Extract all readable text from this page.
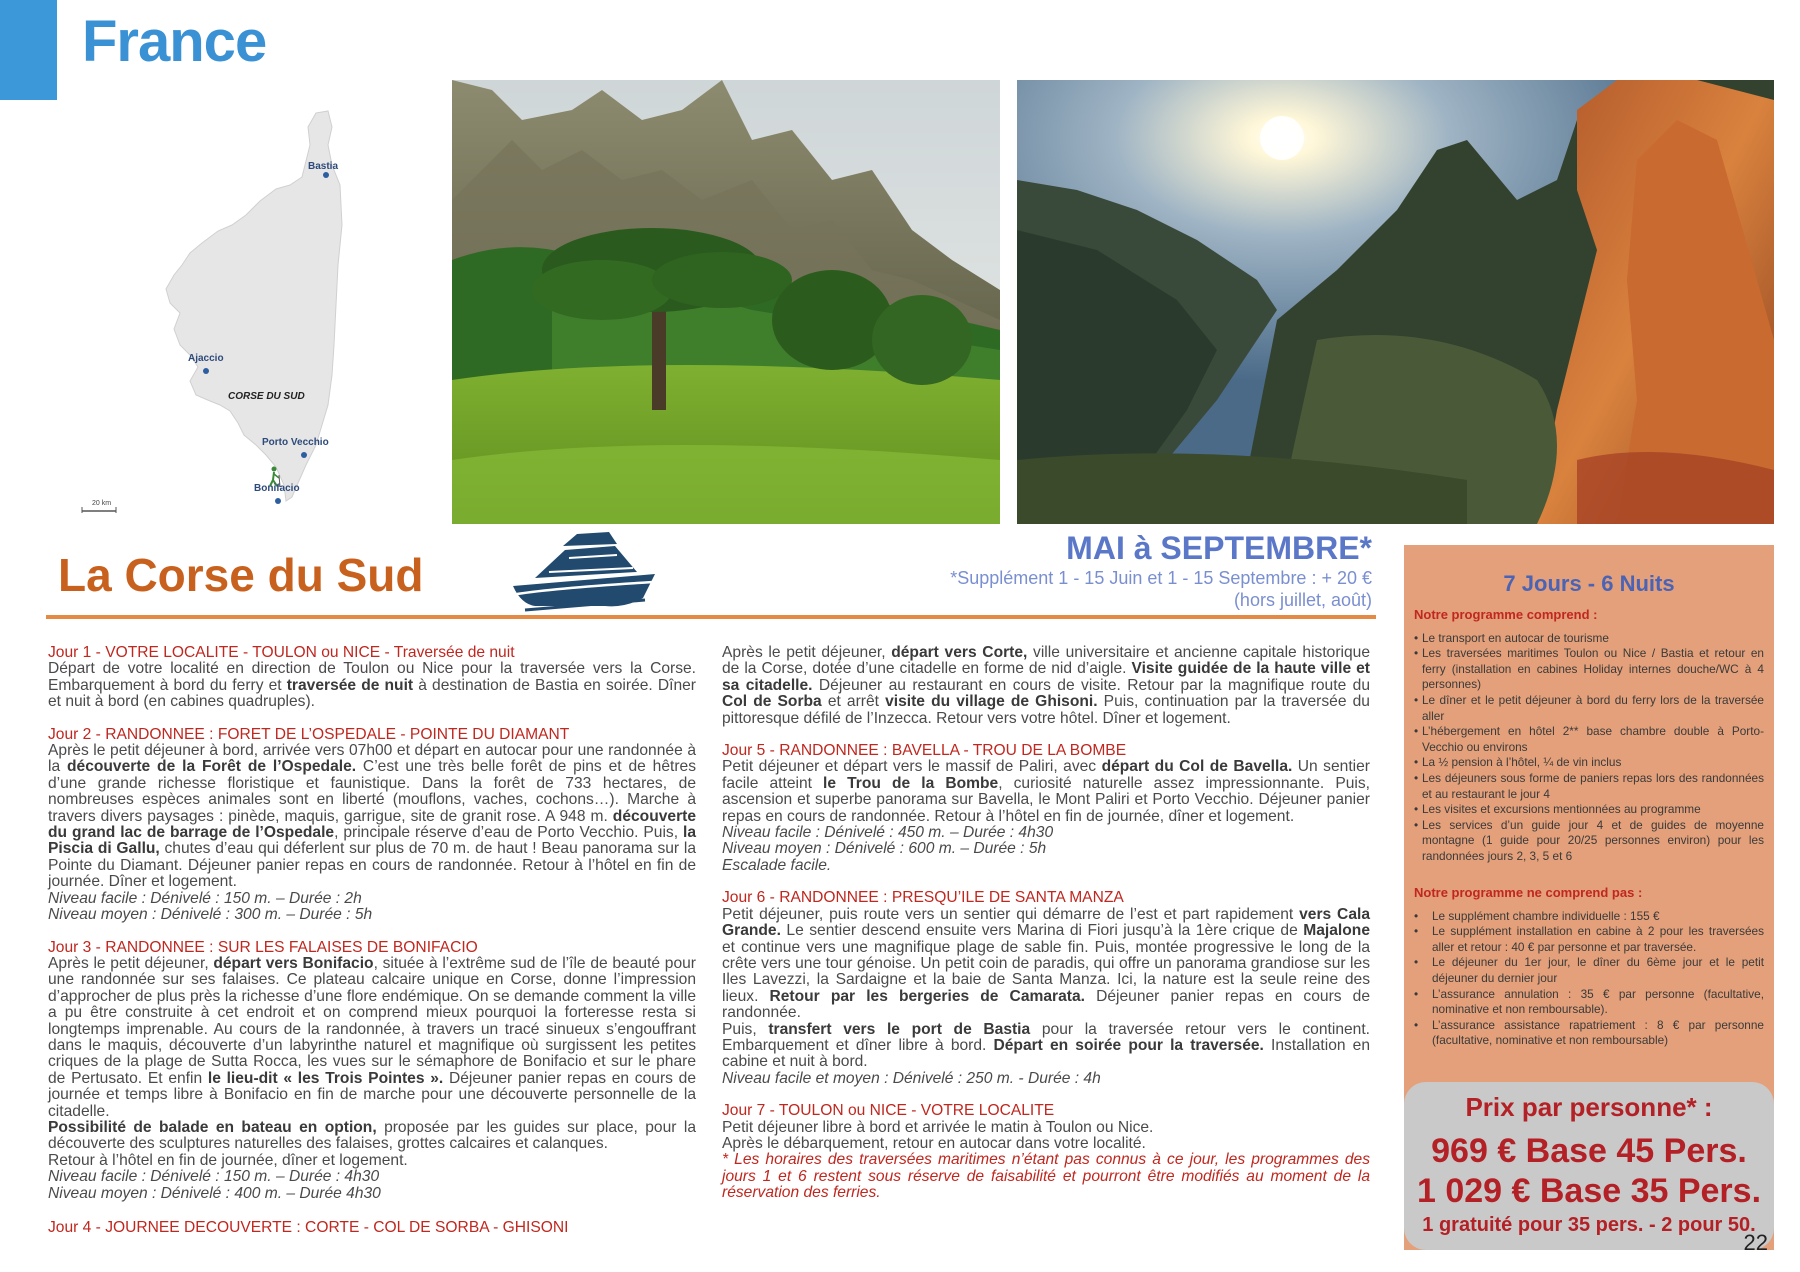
France
Bastia
Ajaccio
CORSE DU SUD
Porto Vecchio
Bonifacio
20 km
La Corse du Sud
MAI à SEPTEMBRE*
*Supplément 1 - 15 Juin et 1 - 15 Septembre : + 20 €
(hors juillet, août)

Jour 1 - VOTRE LOCALITE - TOULON ou NICE - Traversée de nuit

Départ de votre localité en direction de Toulon ou Nice pour la traversée vers la Corse. Embarquement à bord du ferry et traversée de nuit à destination de Bastia en soirée. Dîner et nuit à bord (en cabines quadruples).

Jour 2 - RANDONNEE : FORET DE L’OSPEDALE - POINTE DU DIAMANT

Après le petit déjeuner à bord, arrivée vers 07h00 et départ en autocar pour une randonnée à la découverte de la Forêt de l’Ospedale. C’est une très belle forêt de pins et de hêtres d’une grande richesse floristique et faunistique. Dans la forêt de 733 hectares, de nombreuses espèces animales sont en liberté (mouflons, vaches, cochons…). Marche à travers divers paysages : pinède, maquis, garrigue, site de granit rose. A 948 m. découverte du grand lac de barrage de l’Ospedale, principale réserve d’eau de Porto Vecchio. Puis, la Piscia di Gallu, chutes d’eau qui déferlent sur plus de 70 m. de haut ! Beau panorama sur la Pointe du Diamant. Déjeuner panier repas en cours de randonnée. Retour à l’hôtel en fin de journée. Dîner et logement.

Niveau facile : Dénivelé : 150 m. – Durée : 2h

Niveau moyen : Dénivelé : 300 m. – Durée : 5h

Jour 3 - RANDONNEE : SUR LES FALAISES DE BONIFACIO

Après le petit déjeuner, départ vers Bonifacio, située à l’extrême sud de l’île de beauté pour une randonnée sur ses falaises. Ce plateau calcaire unique en Corse, donne l’impression d’approcher de plus près la richesse d’une flore endémique. On se demande comment la ville a pu être construite à cet endroit et on comprend mieux pourquoi la forteresse resta si longtemps imprenable. Au cours de la randonnée, à travers un tracé sinueux s’engouffrant dans le maquis, découverte d’un labyrinthe naturel et magnifique où surgissent les petites criques de la plage de Sutta Rocca, les vues sur le sémaphore de Bonifacio et sur le phare de Pertusato. Et enfin le lieu-dit « les Trois Pointes ». Déjeuner panier repas en cours de journée et temps libre à Bonifacio en fin de marche pour une découverte personnelle de la citadelle.

Possibilité de balade en bateau en option, proposée par les guides sur place, pour la découverte des sculptures naturelles des falaises, grottes calcaires et calanques.

Retour à l’hôtel en fin de journée, dîner et logement.

Niveau facile : Dénivelé : 150 m. – Durée : 4h30

Niveau moyen : Dénivelé : 400 m. – Durée 4h30

Jour 4 - JOURNEE DECOUVERTE : CORTE - COL DE SORBA - GHISONI

Après le petit déjeuner, départ vers Corte, ville universitaire et ancienne capitale historique de la Corse, dotée d’une citadelle en forme de nid d’aigle. Visite guidée de la haute ville et sa citadelle. Déjeuner au restaurant en cours de visite. Retour par la magnifique route du Col de Sorba et arrêt visite du village de Ghisoni. Puis, continuation par la traversée du pittoresque défilé de l’Inzecca. Retour vers votre hôtel. Dîner et logement.

Jour 5 - RANDONNEE : BAVELLA - TROU DE LA BOMBE

Petit déjeuner et départ vers le massif de Paliri, avec départ du Col de Bavella. Un sentier facile atteint le Trou de la Bombe, curiosité naturelle assez impressionnante. Puis, ascension et superbe panorama sur Bavella, le Mont Paliri et Porto Vecchio. Déjeuner panier repas en cours de randonnée. Retour à l’hôtel en fin de journée, dîner et logement.

Niveau facile : Dénivelé : 450 m. – Durée : 4h30

Niveau moyen : Dénivelé : 600 m. – Durée : 5h

Escalade facile.

Jour 6 - RANDONNEE : PRESQU’ILE DE SANTA MANZA

Petit déjeuner, puis route vers un sentier qui démarre de l’est et part rapidement vers Cala Grande. Le sentier descend ensuite vers Marina di Fiori jusqu’à la 1ère crique de Majalone et continue vers une magnifique plage de sable fin. Puis, montée progressive le long de la crête vers une tour génoise. Un petit coin de paradis, qui offre un panorama grandiose sur les Iles Lavezzi, la Sardaigne et la baie de Santa Manza. Ici, la nature est la seule reine des lieux. Retour par les bergeries de Camarata. Déjeuner panier repas en cours de randonnée.

Puis, transfert vers le port de Bastia pour la traversée retour vers le continent. Embarquement et dîner libre à bord. Départ en soirée pour la traversée. Installation en cabine et nuit à bord.

Niveau facile et moyen : Dénivelé : 250 m. - Durée : 4h

Jour 7 - TOULON ou NICE - VOTRE LOCALITE

Petit déjeuner libre à bord et arrivée le matin à Toulon ou Nice.

Après le débarquement, retour en autocar dans votre localité.

* Les horaires des traversées maritimes n’étant pas connus à ce jour, les programmes des jours 1 et 6 restent sous réserve de faisabilité et pourront être modifiés au moment de la réservation des ferries.

7 Jours - 6 Nuits
Notre programme comprend :
• Le transport en autocar de tourisme
• Les traversées maritimes Toulon ou Nice / Bastia et retour en ferry (installation en cabines Holiday internes douche/WC à 4 personnes)
• Le dîner et le petit déjeuner à bord du ferry lors de la traversée aller
• L’hébergement en hôtel 2** base chambre double à Porto-Vecchio ou environs
• La ½ pension à l’hôtel, ¼ de vin inclus
• Les déjeuners sous forme de paniers repas lors des randonnées et au restaurant le jour 4
• Les visites et excursions mentionnées au programme
• Les services d’un guide jour 4 et de guides de moyenne montagne (1 guide pour 20/25 personnes environ) pour les randonnées jours 2, 3, 5 et 6
Notre programme ne comprend pas :
• Le supplément chambre individuelle : 155 €
• Le supplément installation en cabine à 2 pour les traversées aller et retour : 40 € par personne et par traversée.
• Le déjeuner du 1er jour, le dîner du 6ème jour et le petit déjeuner du dernier jour
• L’assurance annulation : 35 € par personne (facultative, nominative et non remboursable).
• L’assurance assistance rapatriement : 8 € par personne (facultative, nominative et non remboursable)
Prix par personne* :
969 € Base 45 Pers.
1 029 € Base 35 Pers.
1 gratuité pour 35 pers. - 2 pour 50.
22
